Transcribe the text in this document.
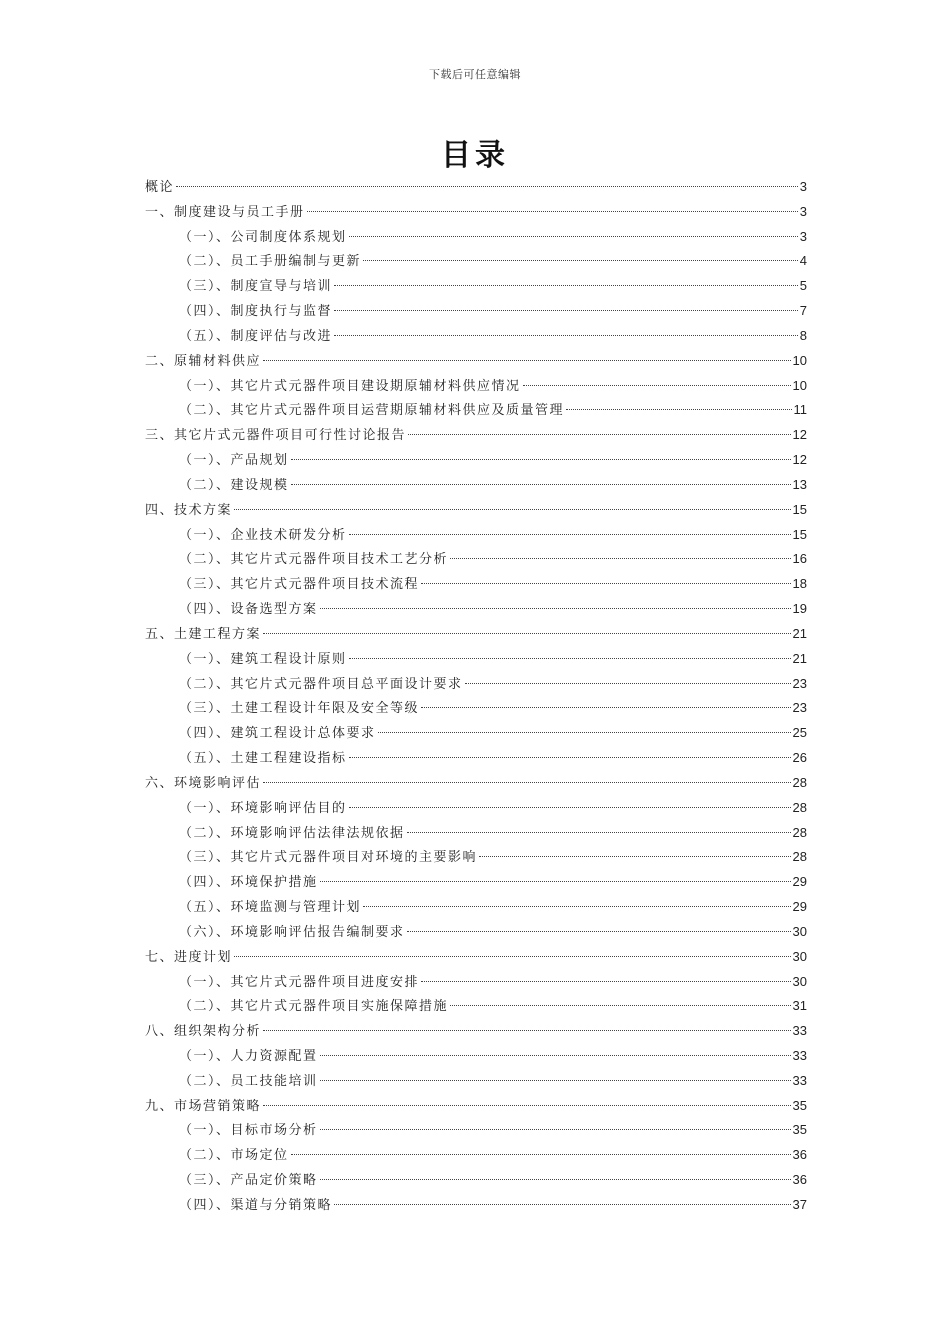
下载后可任意编辑
目录
概论	3
一、制度建设与员工手册	3
（一）、公司制度体系规划	3
（二）、员工手册编制与更新	4
（三）、制度宣导与培训	5
（四）、制度执行与监督	7
（五）、制度评估与改进	8
二、原辅材料供应	10
（一）、其它片式元器件项目建设期原辅材料供应情况	10
（二）、其它片式元器件项目运营期原辅材料供应及质量管理	11
三、其它片式元器件项目可行性讨论报告	12
（一）、产品规划	12
（二）、建设规模	13
四、技术方案	15
（一）、企业技术研发分析	15
（二）、其它片式元器件项目技术工艺分析	16
（三）、其它片式元器件项目技术流程	18
（四）、设备选型方案	19
五、土建工程方案	21
（一）、建筑工程设计原则	21
（二）、其它片式元器件项目总平面设计要求	23
（三）、土建工程设计年限及安全等级	23
（四）、建筑工程设计总体要求	25
（五）、土建工程建设指标	26
六、环境影响评估	28
（一）、环境影响评估目的	28
（二）、环境影响评估法律法规依据	28
（三）、其它片式元器件项目对环境的主要影响	28
（四）、环境保护措施	29
（五）、环境监测与管理计划	29
（六）、环境影响评估报告编制要求	30
七、进度计划	30
（一）、其它片式元器件项目进度安排	30
（二）、其它片式元器件项目实施保障措施	31
八、组织架构分析	33
（一）、人力资源配置	33
（二）、员工技能培训	33
九、市场营销策略	35
（一）、目标市场分析	35
（二）、市场定位	36
（三）、产品定价策略	36
（四）、渠道与分销策略	37
